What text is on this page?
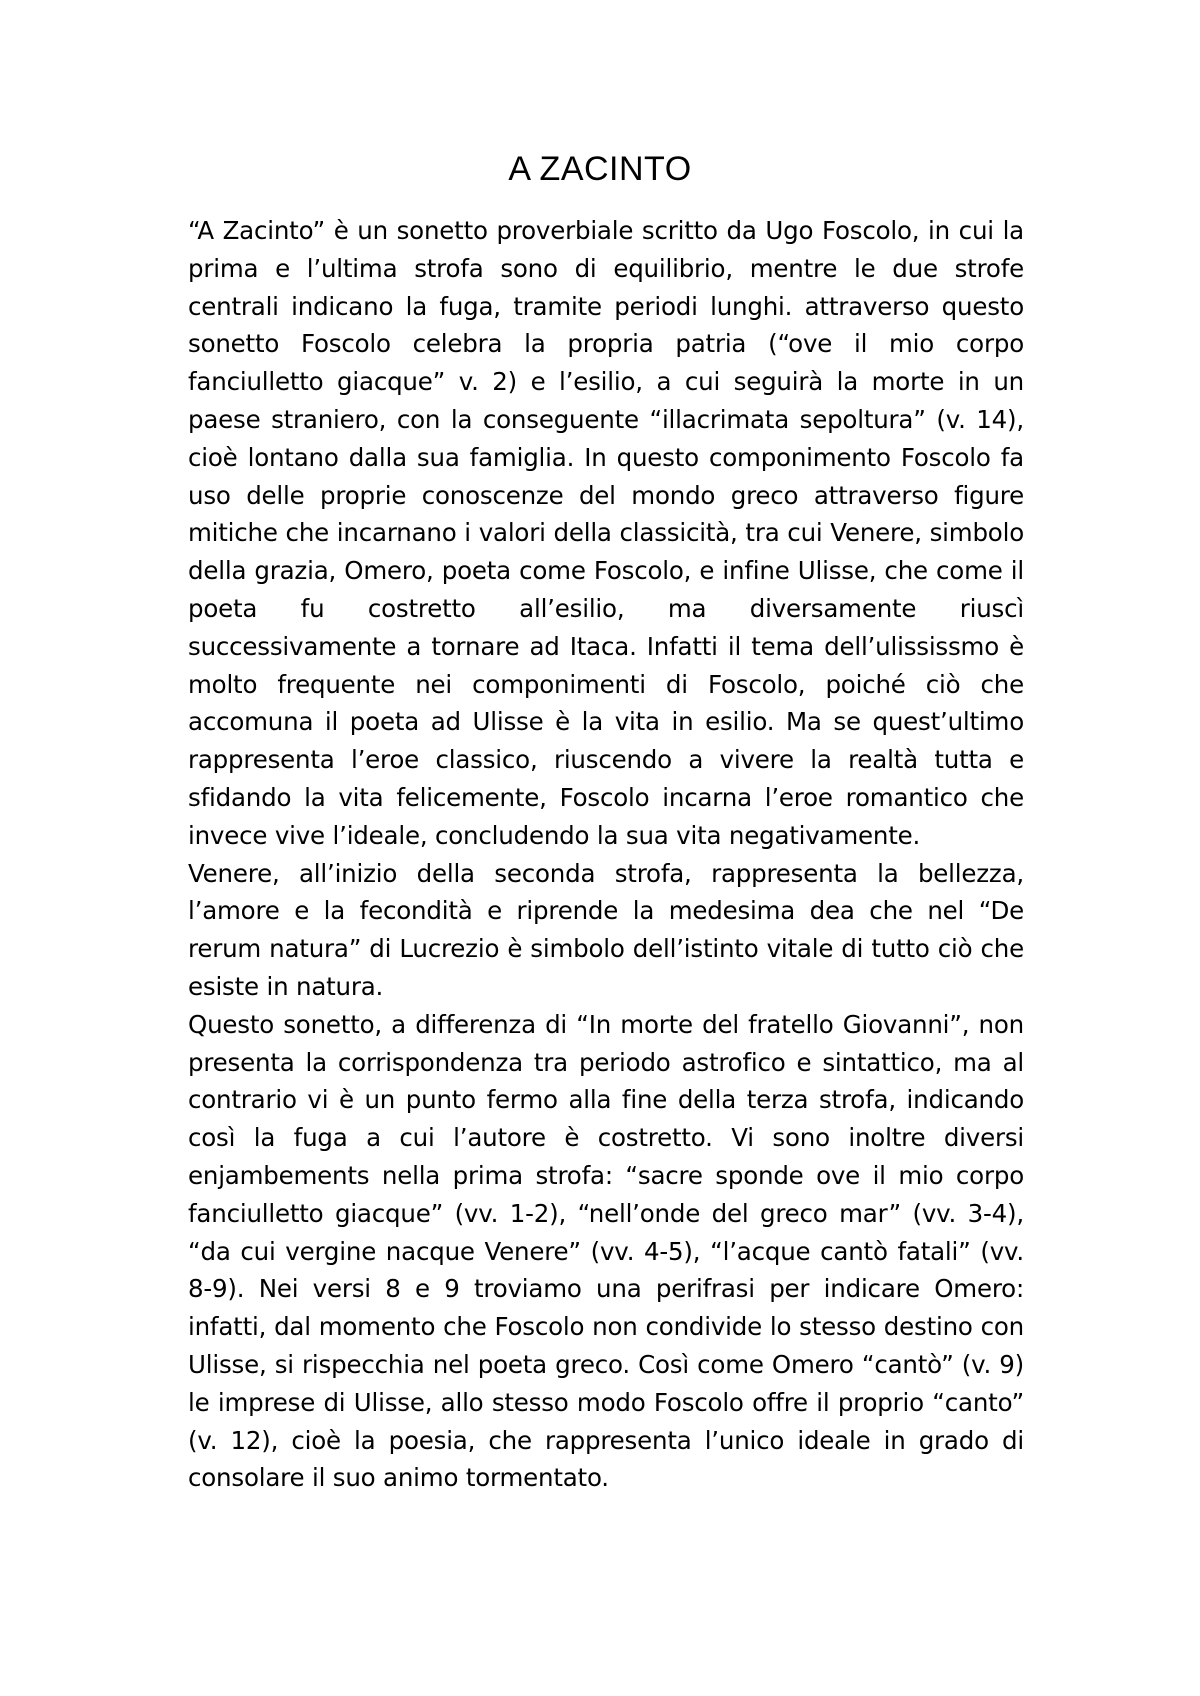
A ZACINTO

“A Zacinto” è un sonetto proverbiale scritto da Ugo Foscolo, in cui la prima e l’ultima strofa sono di equilibrio, mentre le due strofe centrali indicano la fuga, tramite periodi lunghi. attraverso questo sonetto Foscolo celebra la propria patria (“ove il mio corpo fanciulletto giacque” v. 2) e l’esilio, a cui seguirà la morte in un paese straniero, con la conseguente “illacrimata sepoltura” (v. 14), cioè lontano dalla sua famiglia. In questo componimento Foscolo fa uso delle proprie conoscenze del mondo greco attraverso figure mitiche che incarnano i valori della classicità, tra cui Venere, simbolo della grazia, Omero, poeta come Foscolo, e infine Ulisse, che come il poeta fu costretto all’esilio, ma diversamente riuscì successivamente a tornare ad Itaca. Infatti il tema dell’ulississmo è molto frequente nei componimenti di Foscolo, poiché ciò che accomuna il poeta ad Ulisse è la vita in esilio. Ma se quest’ultimo rappresenta l’eroe classico, riuscendo a vivere la realtà tutta e sfidando la vita felicemente, Foscolo incarna l’eroe romantico che invece vive l’ideale, concludendo la sua vita negativamente.

Venere, all’inizio della seconda strofa, rappresenta la bellezza, l’amore e la fecondità e riprende la medesima dea che nel “De rerum natura” di Lucrezio è simbolo dell’istinto vitale di tutto ciò che esiste in natura.

Questo sonetto, a differenza di “In morte del fratello Giovanni”, non presenta la corrispondenza tra periodo astrofico e sintattico, ma al contrario vi è un punto fermo alla fine della terza strofa, indicando così la fuga a cui l’autore è costretto. Vi sono inoltre diversi enjambements nella prima strofa: “sacre sponde ove il mio corpo fanciulletto giacque” (vv. 1-2), “nell’onde del greco mar” (vv. 3-4), “da cui vergine nacque Venere” (vv. 4-5), “l’acque cantò fatali” (vv. 8-9). Nei versi 8 e 9 troviamo una perifrasi per indicare Omero: infatti, dal momento che Foscolo non condivide lo stesso destino con Ulisse, si rispecchia nel poeta greco. Così come Omero “cantò” (v. 9) le imprese di Ulisse, allo stesso modo Foscolo offre il proprio “canto” (v. 12), cioè la poesia, che rappresenta l’unico ideale in grado di consolare il suo animo tormentato.
